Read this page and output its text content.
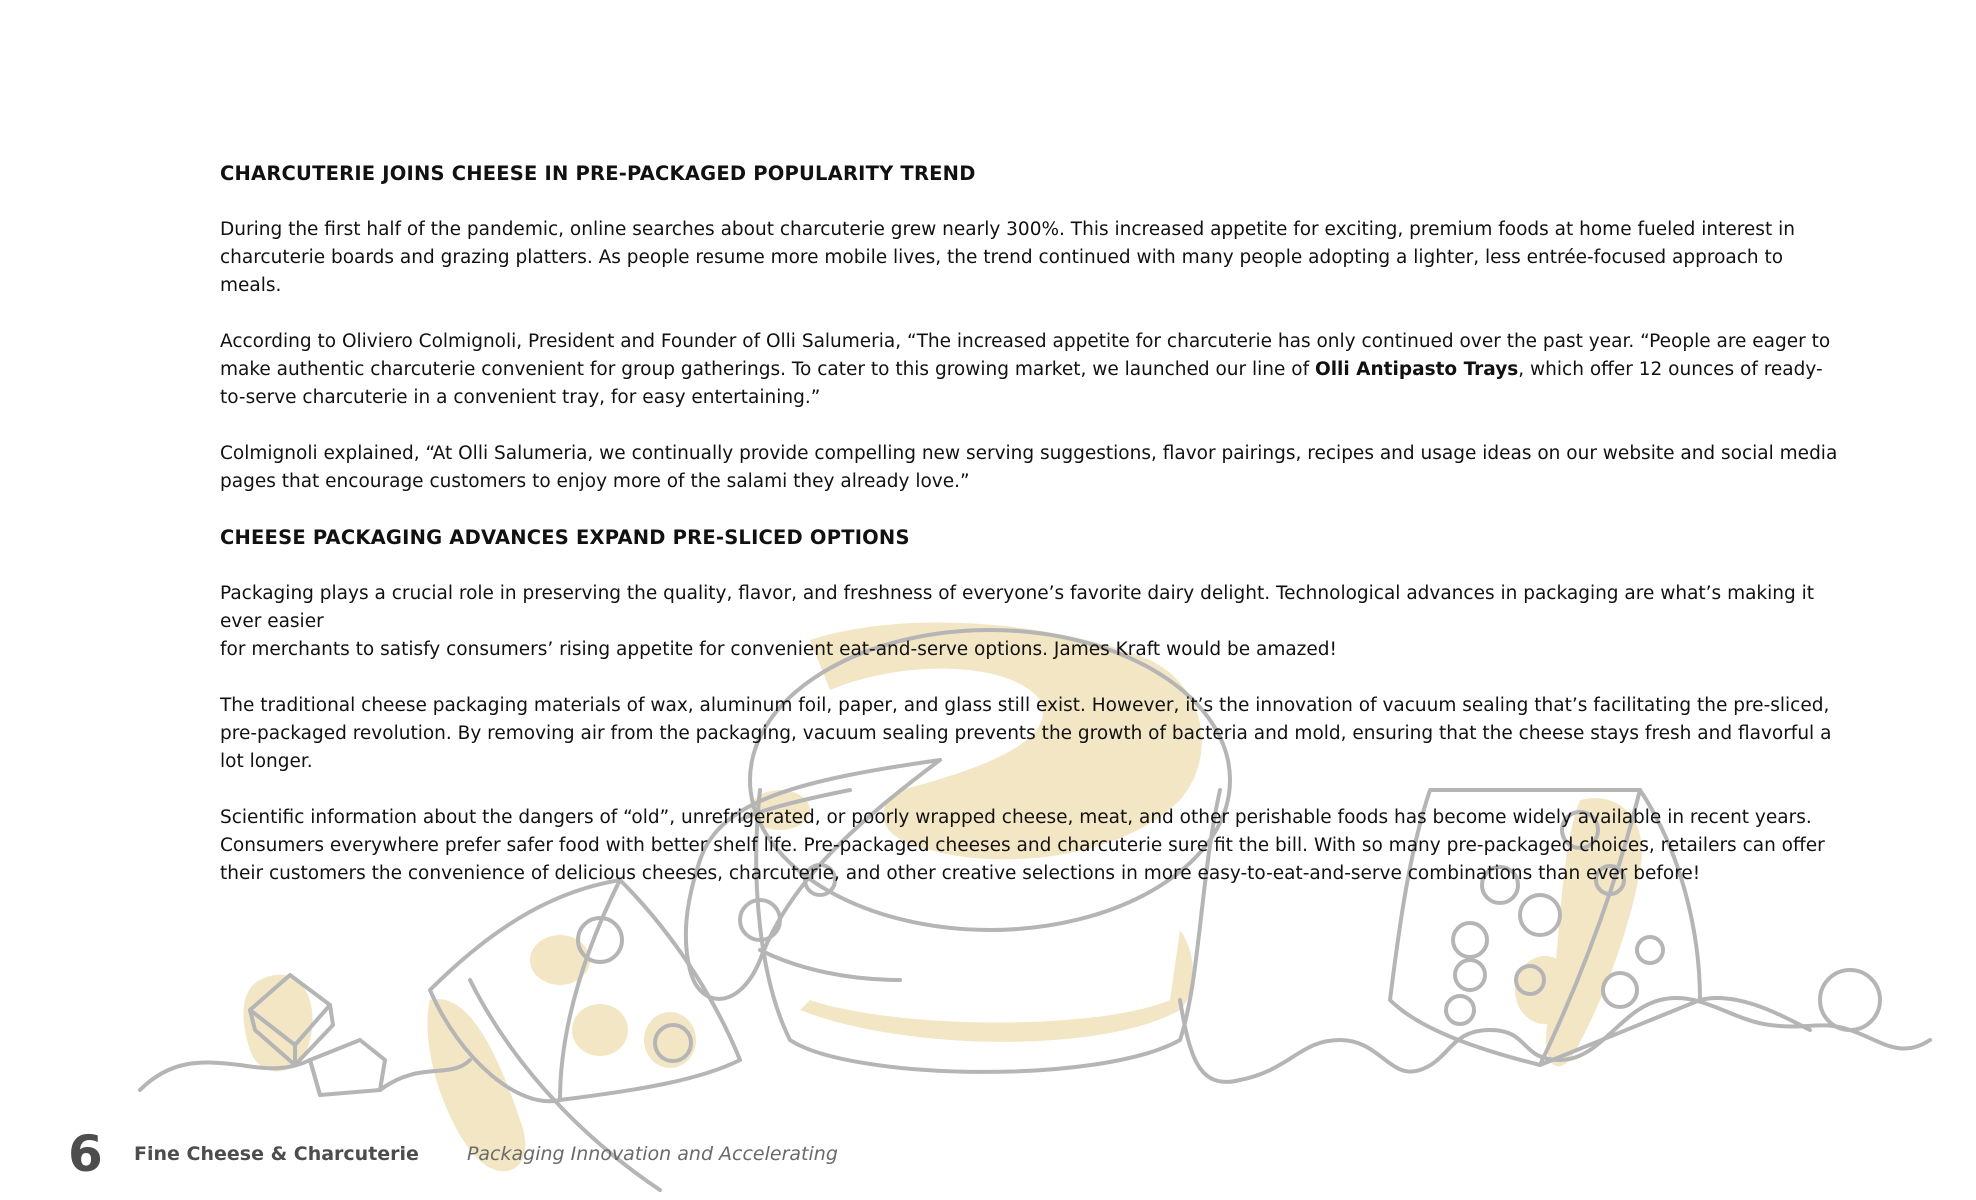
CHARCUTERIE JOINS CHEESE IN PRE-PACKAGED POPULARITY TREND

During the first half of the pandemic, online searches about charcuterie grew nearly 300%. This increased appetite for exciting, premium foods at home fueled interest in charcuterie boards and grazing platters. As people resume more mobile lives, the trend continued with many people adopting a lighter, less entrée-focused approach to meals.

According to Oliviero Colmignoli, President and Founder of Olli Salumeria, “The increased appetite for charcuterie has only continued over the past year. “People are eager to make authentic charcuterie convenient for group gatherings. To cater to this growing market, we launched our line of Olli Antipasto Trays, which offer 12 ounces of ready-to-serve charcuterie in a convenient tray, for easy entertaining.”

Colmignoli explained, “At Olli Salumeria, we continually provide compelling new serving suggestions, flavor pairings, recipes and usage ideas on our website and social media pages that encourage customers to enjoy more of the salami they already love.”

CHEESE PACKAGING ADVANCES EXPAND PRE-SLICED OPTIONS

Packaging plays a crucial role in preserving the quality, flavor, and freshness of everyone’s favorite dairy delight. Technological advances in packaging are what’s making it ever easier
for merchants to satisfy consumers’ rising appetite for convenient eat-and-serve options. James Kraft would be amazed!

The traditional cheese packaging materials of wax, aluminum foil, paper, and glass still exist. However, it’s the innovation of vacuum sealing that’s facilitating the pre-sliced, pre-packaged revolution. By removing air from the packaging, vacuum sealing prevents the growth of bacteria and mold, ensuring that the cheese stays fresh and flavorful a lot longer.

Scientific information about the dangers of “old”, unrefrigerated, or poorly wrapped cheese, meat, and other perishable foods has become widely available in recent years. Consumers everywhere prefer safer food with better shelf life. Pre-packaged cheeses and charcuterie sure fit the bill. With so many pre-packaged choices, retailers can offer their customers the convenience of delicious cheeses, charcuterie, and other creative selections in more easy-to-eat-and-serve combinations than ever before!

6	Fine Cheese & Charcuterie	Packaging Innovation and Accelerating
